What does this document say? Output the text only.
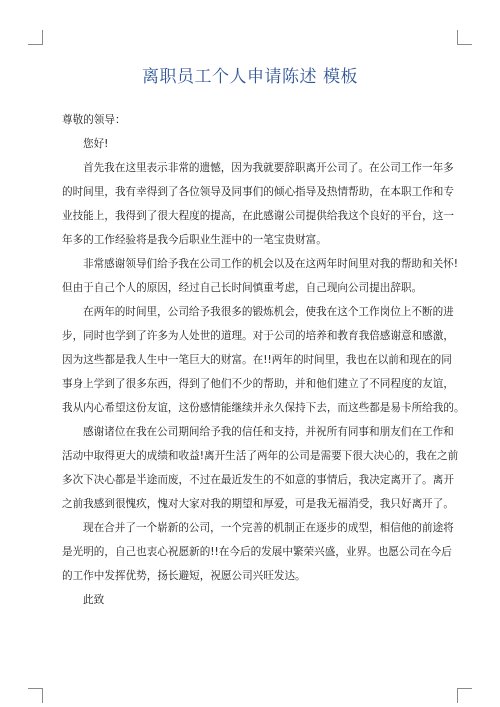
离职员工个人申请陈述 模板
尊敬的领导：
您好!
首先我在这里表示非常的遗憾，因为我就要辞职离开公司了。在公司工作一年多
的时间里，我有幸得到了各位领导及同事们的倾心指导及热情帮助，在本职工作和专
业技能上，我得到了很大程度的提高，在此感谢公司提供给我这个良好的平台，这一
年多的工作经验将是我今后职业生涯中的一笔宝贵财富。
非常感谢领导们给予我在公司工作的机会以及在这两年时间里对我的帮助和关怀!
但由于自己个人的原因，经过自己长时间慎重考虑，自己现向公司提出辞职。
在两年的时间里，公司给予我很多的锻炼机会，使我在这个工作岗位上不断的进
步，同时也学到了许多为人处世的道理。对于公司的培养和教育我倍感谢意和感激，
因为这些都是我人生中一笔巨大的财富。在!!两年的时间里，我也在以前和现在的同
事身上学到了很多东西，得到了他们不少的帮助，并和他们建立了不同程度的友谊，
我从内心希望这份友谊，这份感情能继续并永久保持下去，而这些都是易卡所给我的。
感谢诸位在我在公司期间给予我的信任和支持，并祝所有同事和朋友们在工作和
活动中取得更大的成绩和收益!离开生活了两年的公司是需要下很大决心的，我在之前
多次下决心都是半途而废，不过在最近发生的不如意的事情后，我决定离开了。离开
之前我感到很愧疚，愧对大家对我的期望和厚爱，可是我无福消受，我只好离开了。
现在合并了一个崭新的公司，一个完善的机制正在逐步的成型，相信他的前途将
是光明的，自己也衷心祝愿新的!!在今后的发展中繁荣兴盛，业界。也愿公司在今后
的工作中发挥优势，扬长避短，祝愿公司兴旺发达。
此致
